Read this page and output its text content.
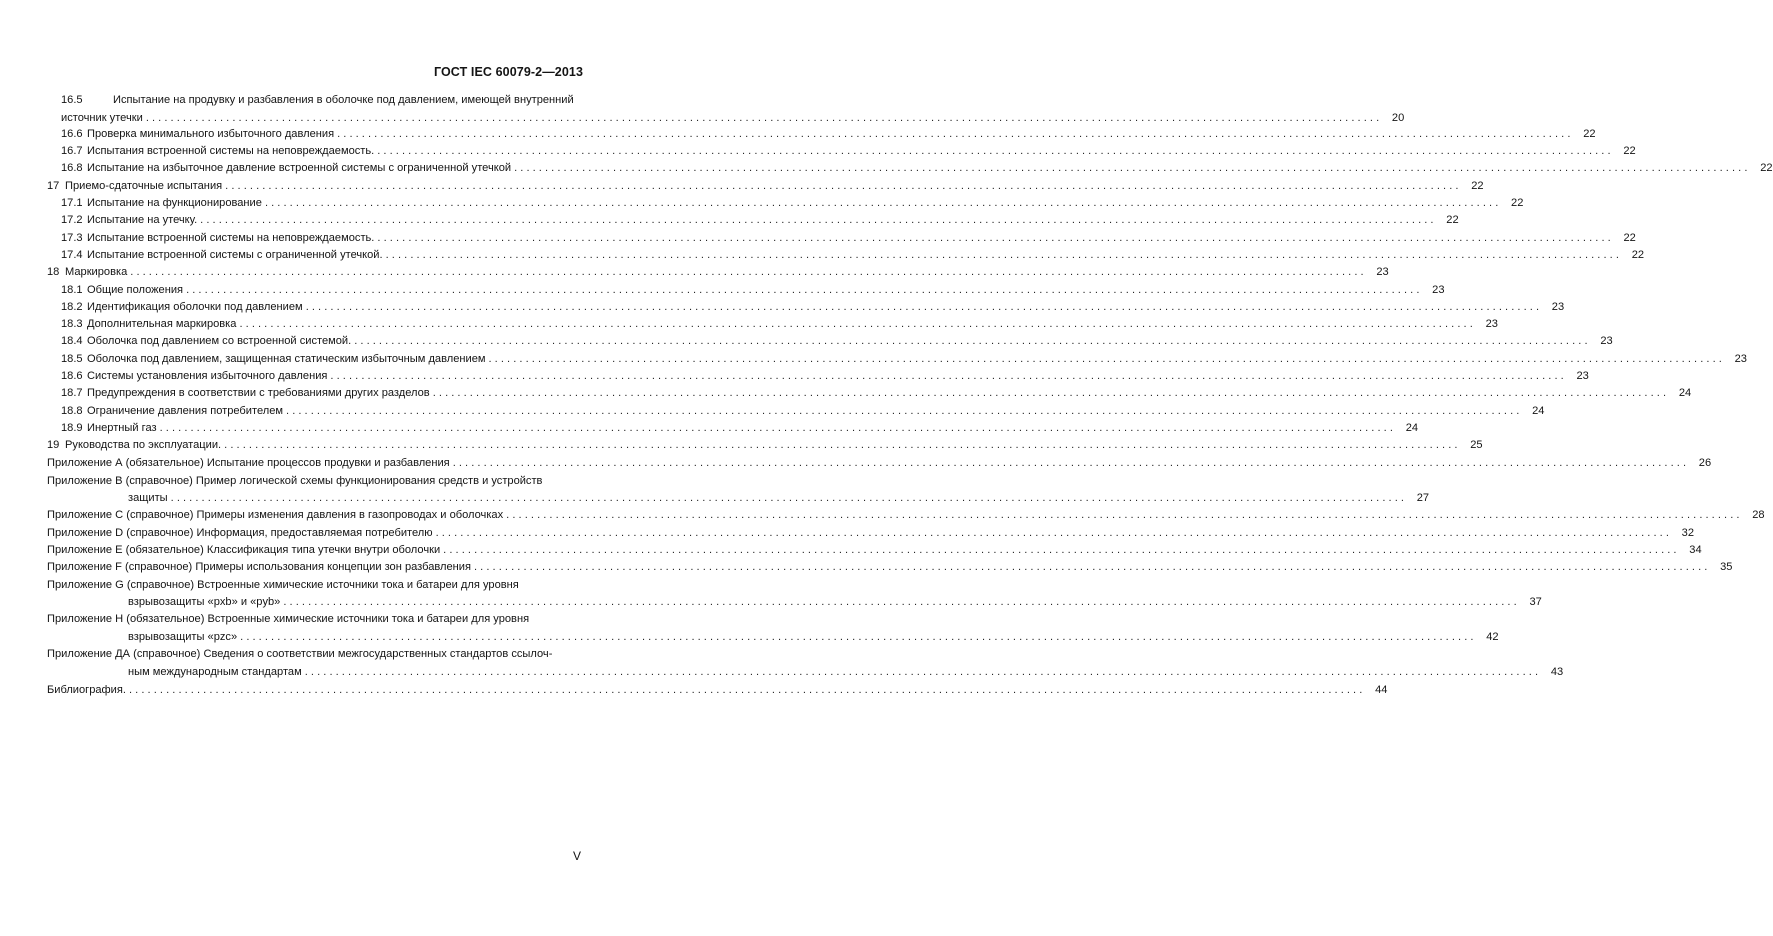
ГОСТ IEC 60079-2—2013
16.5	Испытание на продувку и разбавления в оболочке под давлением, имеющей внутренний
источник утечки ........................................................................................................................................................................................................ 20
16.6 Проверка минимального избыточного давления ........................................................................................................................................................................................................ 22
16.7 Испытания встроенной системы на неповреждаемость. ........................................................................................................................................................................................................ 22
16.8 Испытание на избыточное давление встроенной системы с ограниченной утечкой ........................................................................................................................................................................................................ 22
17 Приемо-сдаточные испытания ........................................................................................................................................................................................................ 22
17.1 Испытание на функционирование ........................................................................................................................................................................................................ 22
17.2 Испытание на утечку. ........................................................................................................................................................................................................ 22
17.3 Испытание встроенной системы на неповреждаемость. ........................................................................................................................................................................................................ 22
17.4 Испытание встроенной системы с ограниченной утечкой. ........................................................................................................................................................................................................ 22
18 Маркировка ........................................................................................................................................................................................................ 23
18.1 Общие положения ........................................................................................................................................................................................................ 23
18.2 Идентификация оболочки под давлением ........................................................................................................................................................................................................ 23
18.3 Дополнительная маркировка ........................................................................................................................................................................................................ 23
18.4 Оболочка под давлением со встроенной системой. ........................................................................................................................................................................................................ 23
18.5 Оболочка под давлением, защищенная статическим избыточным давлением ........................................................................................................................................................................................................ 23
18.6 Системы установления избыточного давления ........................................................................................................................................................................................................ 23
18.7 Предупреждения в соответствии с требованиями других разделов ........................................................................................................................................................................................................ 24
18.8 Ограничение давления потребителем ........................................................................................................................................................................................................ 24
18.9 Инертный газ ........................................................................................................................................................................................................ 24
19 Руководства по эксплуатации. ........................................................................................................................................................................................................ 25
Приложение А (обязательное) Испытание процессов продувки и разбавления ........................................................................................................................................................................................................ 26
Приложение В (справочное) Пример логической схемы функционирования средств и устройств
защиты ........................................................................................................................................................................................................ 27
Приложение С (справочное) Примеры изменения давления в газопроводах и оболочках ........................................................................................................................................................................................................ 28
Приложение D (справочное) Информация, предоставляемая потребителю ........................................................................................................................................................................................................ 32
Приложение Е (обязательное) Классификация типа утечки внутри оболочки ........................................................................................................................................................................................................ 34
Приложение F (справочное) Примеры использования концепции зон разбавления ........................................................................................................................................................................................................ 35
Приложение G (справочное) Встроенные химические источники тока и батареи для уровня
взрывозащиты «pxb» и «pyb» ........................................................................................................................................................................................................ 37
Приложение Н (обязательное) Встроенные химические источники тока и батареи для уровня
взрывозащиты «pzc» ........................................................................................................................................................................................................ 42
Приложение ДА (справочное) Сведения о соответствии межгосударственных стандартов ссылоч-
ным международным стандартам ........................................................................................................................................................................................................ 43
Библиография. ........................................................................................................................................................................................................ 44
V
